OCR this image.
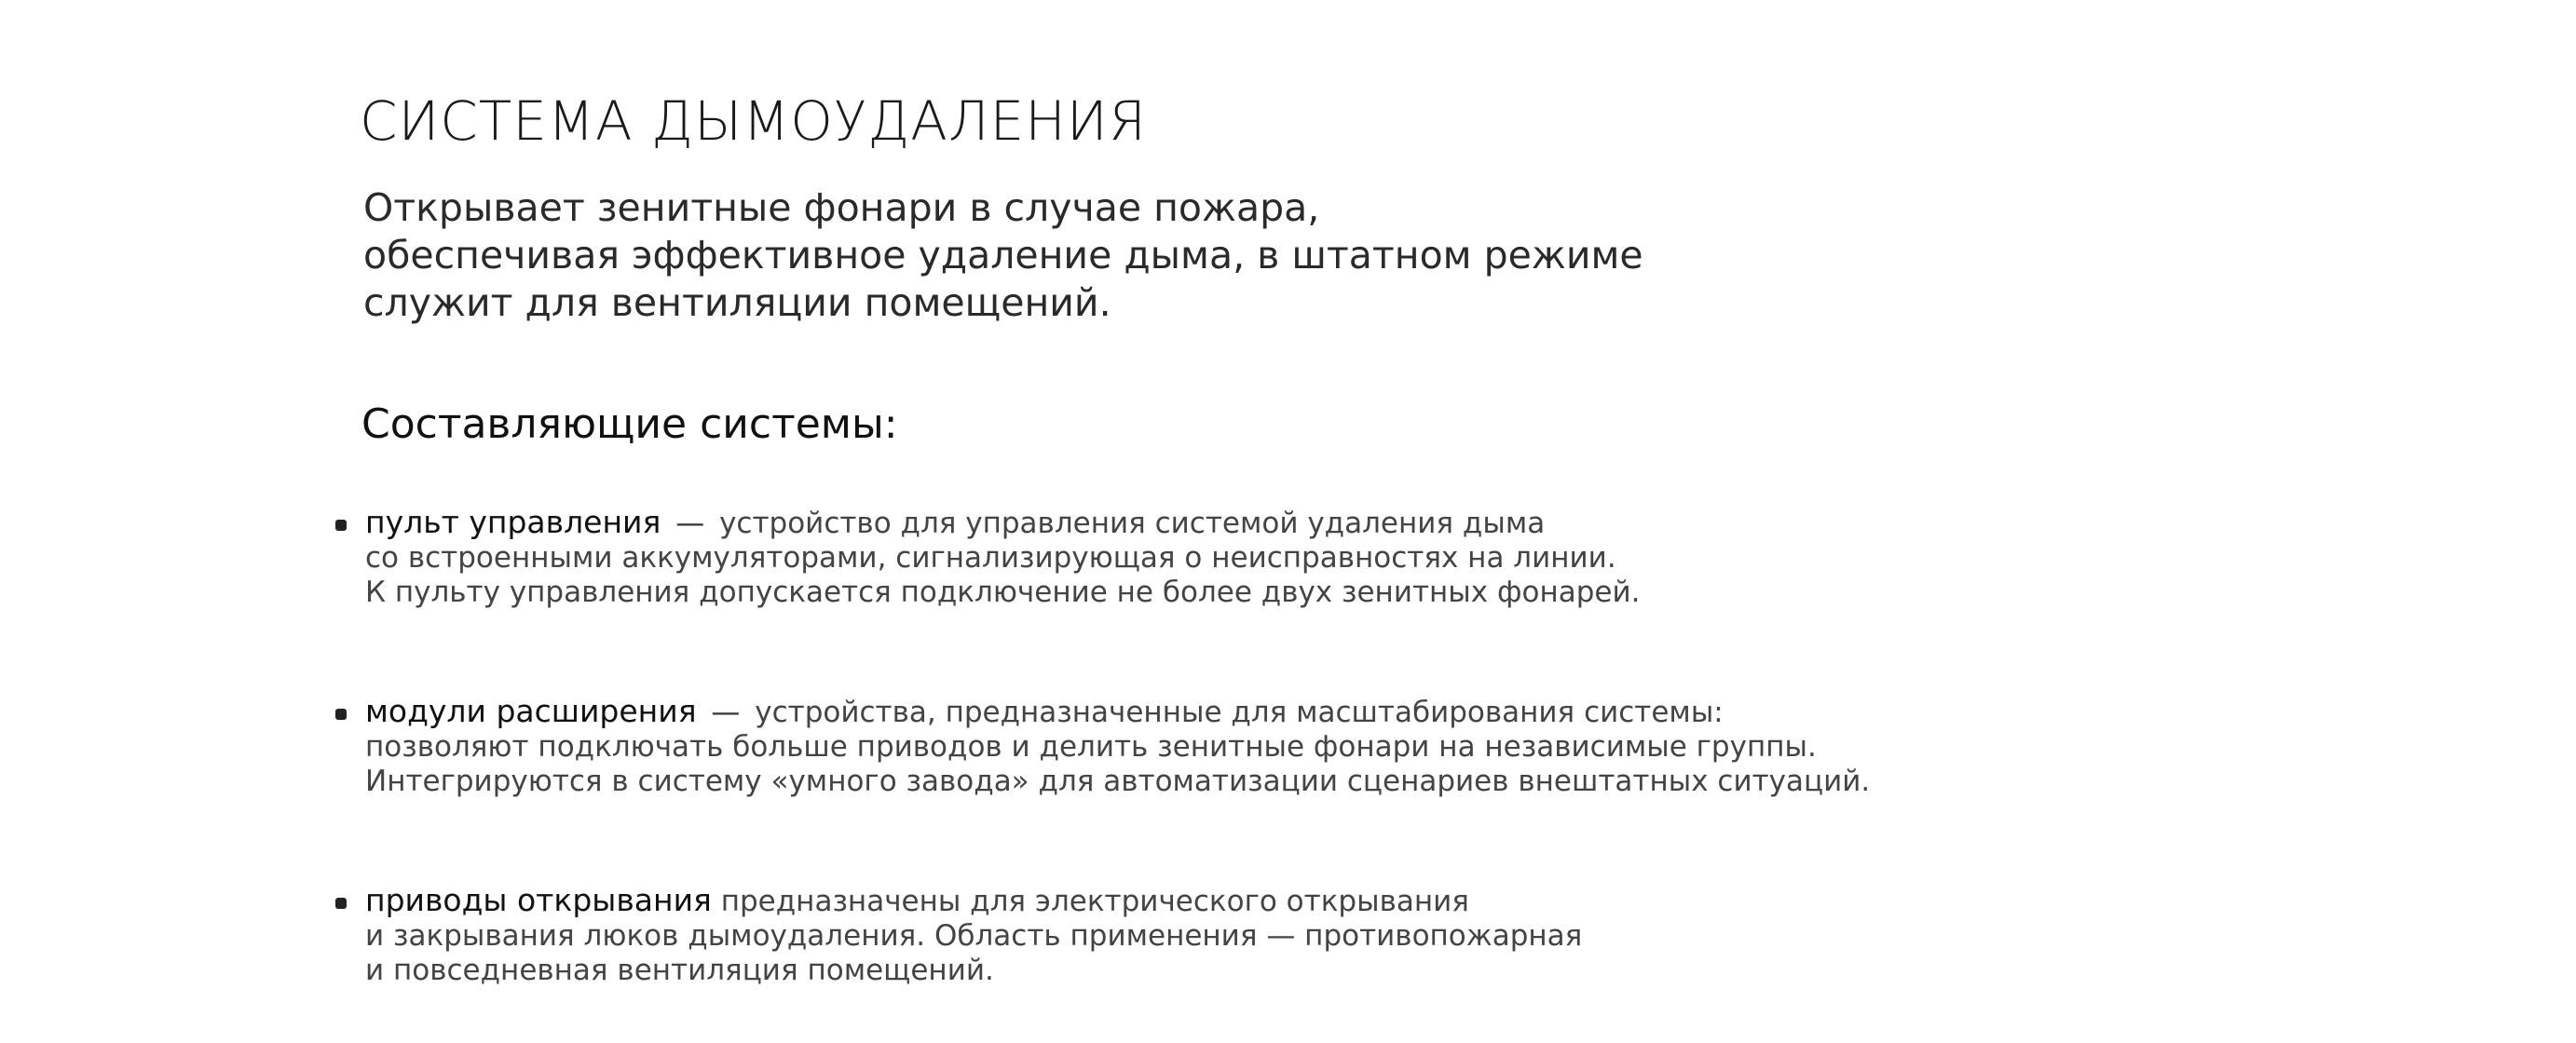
СИСТЕМА ДЫМОУДАЛЕНИЯ

Открывает зенитные фонари в случае пожара,
обеспечивая эффективное удаление дыма, в штатном режиме
служит для вентиляции помещений.

Составляющие системы:
пульт управления — устройство для управления системой удаления дыма
со встроенными аккумуляторами, сигнализирующая о неисправностях на линии.
К пульту управления допускается подключение не более двух зенитных фонарей.
модули расширения — устройства, предназначенные для масштабирования системы:
позволяют подключать больше приводов и делить зенитные фонари на независимые группы.
Интегрируются в систему «умного завода» для автоматизации сценариев внештатных ситуаций.
приводы открывания предназначены для электрического открывания
и закрывания люков дымоудаления. Область применения — противопожарная
и повседневная вентиляция помещений.
